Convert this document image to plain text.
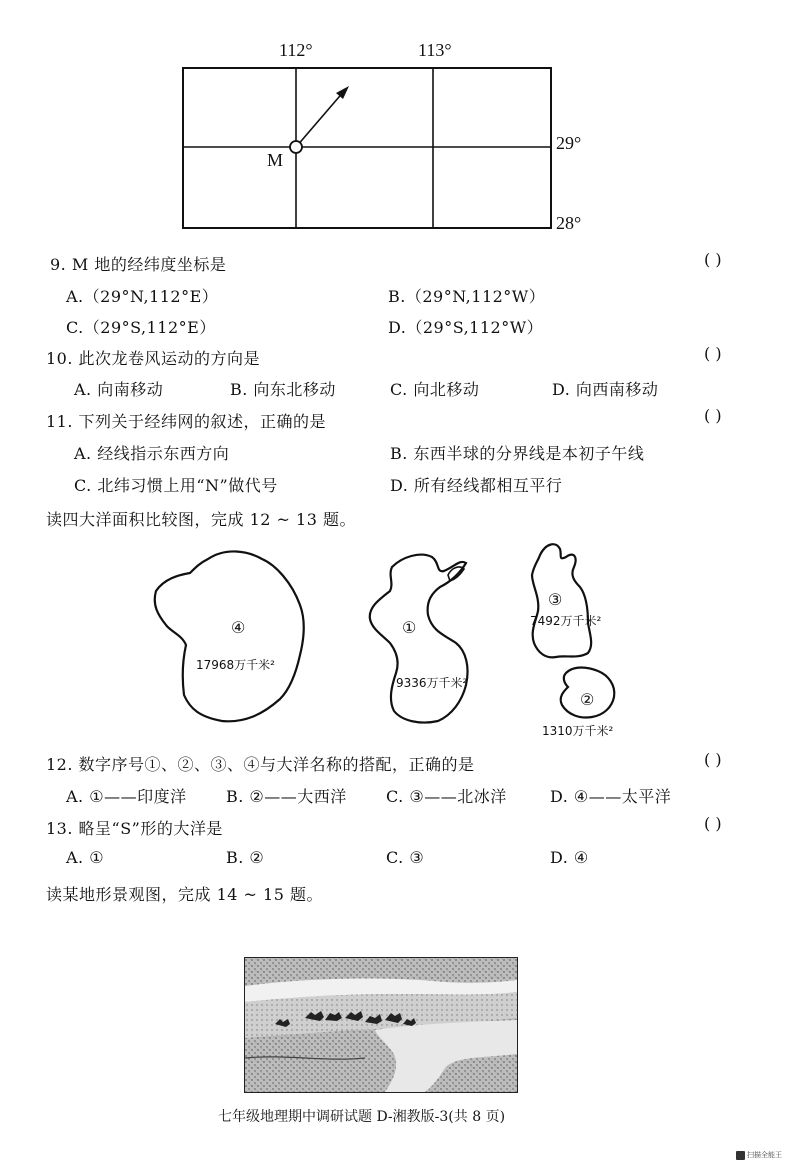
112°	113°
29°
28°
M
9. M 地的经纬度坐标是	( )
A.（29°N,112°E）	B.（29°N,112°W）
C.（29°S,112°E）	D.（29°S,112°W）
10. 此次龙卷风运动的方向是	( )
A. 向南移动	B. 向东北移动	C. 向北移动	D. 向西南移动
11. 下列关于经纬网的叙述，正确的是	( )
A. 经线指示东西方向	B. 东西半球的分界线是本初子午线
C. 北纬习惯上用“N”做代号	D. 所有经线都相互平行
读四大洋面积比较图，完成 12 ~ 13 题。
④
17968万千米²
①
9336万千米²
③
7492万千米²
②
1310万千米²
12. 数字序号①、②、③、④与大洋名称的搭配，正确的是	( )
A. ①——印度洋 B. ②——大西洋 C. ③——北冰洋	D. ④——太平洋
13. 略呈“S”形的大洋是	( )
A. ①	B. ②	C. ③	D. ④
读某地形景观图，完成 14 ~ 15 题。
七年级地理期中调研试题 D-湘教版-3(共 8 页)
扫描全能王
